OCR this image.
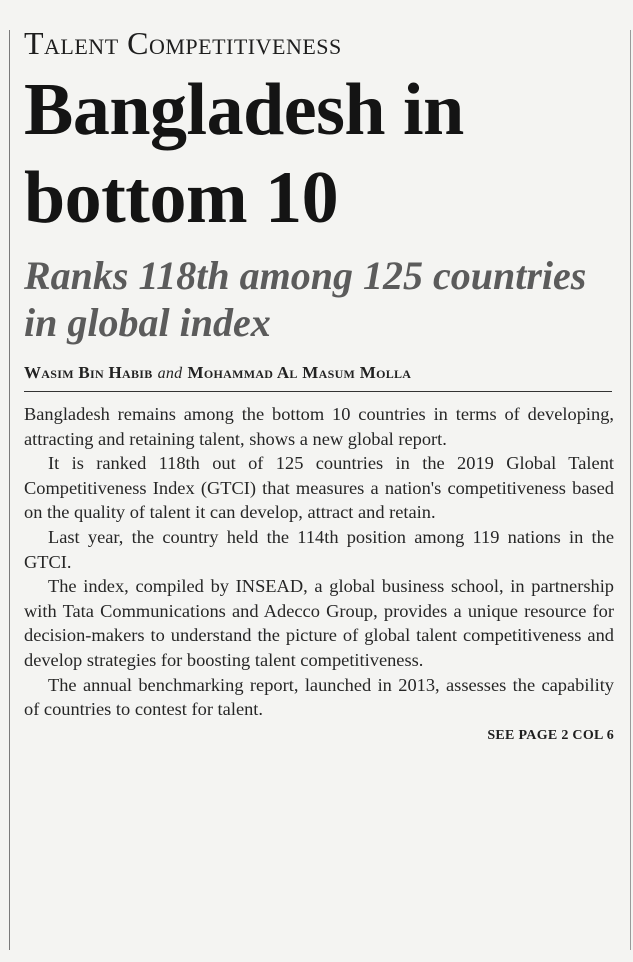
Talent Competitiveness
Bangladesh in bottom 10
Ranks 118th among 125 countries in global index
Wasim Bin Habib and Mohammad Al Masum Molla

Bangladesh remains among the bottom 10 countries in terms of developing, attracting and retaining talent, shows a new global report.

It is ranked 118th out of 125 countries in the 2019 Global Talent Competitiveness Index (GTCI) that measures a nation's competitiveness based on the quality of talent it can develop, attract and retain.

Last year, the country held the 114th position among 119 nations in the GTCI.

The index, compiled by INSEAD, a global business school, in partnership with Tata Communications and Adecco Group, provides a unique resource for decision-makers to understand the picture of global talent competitiveness and develop strategies for boosting talent competitiveness.

The annual benchmarking report, launched in 2013, assesses the capability of countries to contest for talent.

SEE PAGE 2 COL 6
